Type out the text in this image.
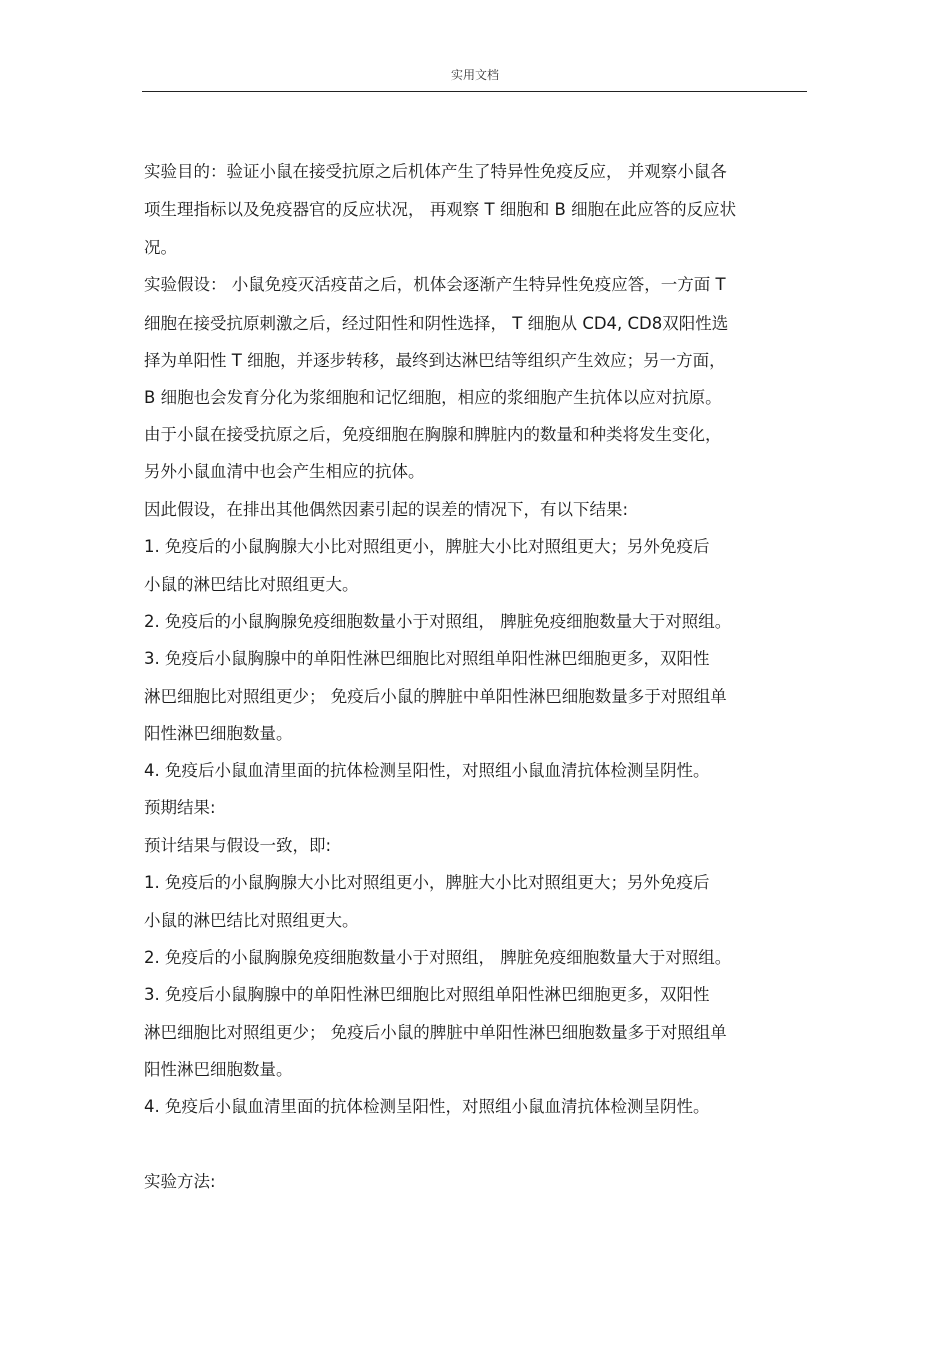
实用文档
实验目的：验证小鼠在接受抗原之后机体产生了特异性免疫反应， 并观察小鼠各
项生理指标以及免疫器官的反应状况， 再观察 T 细胞和 B 细胞在此应答的反应状
况。
实验假设： 小鼠免疫灭活疫苗之后，机体会逐渐产生特异性免疫应答，一方面 T
细胞在接受抗原刺激之后，经过阳性和阴性选择， T 细胞从 CD4, CD8双阳性选
择为单阳性 T 细胞，并逐步转移，最终到达淋巴结等组织产生效应；另一方面，
B 细胞也会发育分化为浆细胞和记忆细胞，相应的浆细胞产生抗体以应对抗原。
由于小鼠在接受抗原之后，免疫细胞在胸腺和脾脏内的数量和种类将发生变化，
另外小鼠血清中也会产生相应的抗体。
因此假设，在排出其他偶然因素引起的误差的情况下，有以下结果:
1. 免疫后的小鼠胸腺大小比对照组更小，脾脏大小比对照组更大；另外免疫后
小鼠的淋巴结比对照组更大。
2. 免疫后的小鼠胸腺免疫细胞数量小于对照组， 脾脏免疫细胞数量大于对照组。
3. 免疫后小鼠胸腺中的单阳性淋巴细胞比对照组单阳性淋巴细胞更多，双阳性
淋巴细胞比对照组更少； 免疫后小鼠的脾脏中单阳性淋巴细胞数量多于对照组单
阳性淋巴细胞数量。
4. 免疫后小鼠血清里面的抗体检测呈阳性，对照组小鼠血清抗体检测呈阴性。
预期结果:
预计结果与假设一致，即:
1. 免疫后的小鼠胸腺大小比对照组更小，脾脏大小比对照组更大；另外免疫后
小鼠的淋巴结比对照组更大。
2. 免疫后的小鼠胸腺免疫细胞数量小于对照组， 脾脏免疫细胞数量大于对照组。
3. 免疫后小鼠胸腺中的单阳性淋巴细胞比对照组单阳性淋巴细胞更多，双阳性
淋巴细胞比对照组更少； 免疫后小鼠的脾脏中单阳性淋巴细胞数量多于对照组单
阳性淋巴细胞数量。
4. 免疫后小鼠血清里面的抗体检测呈阳性，对照组小鼠血清抗体检测呈阴性。
实验方法:
